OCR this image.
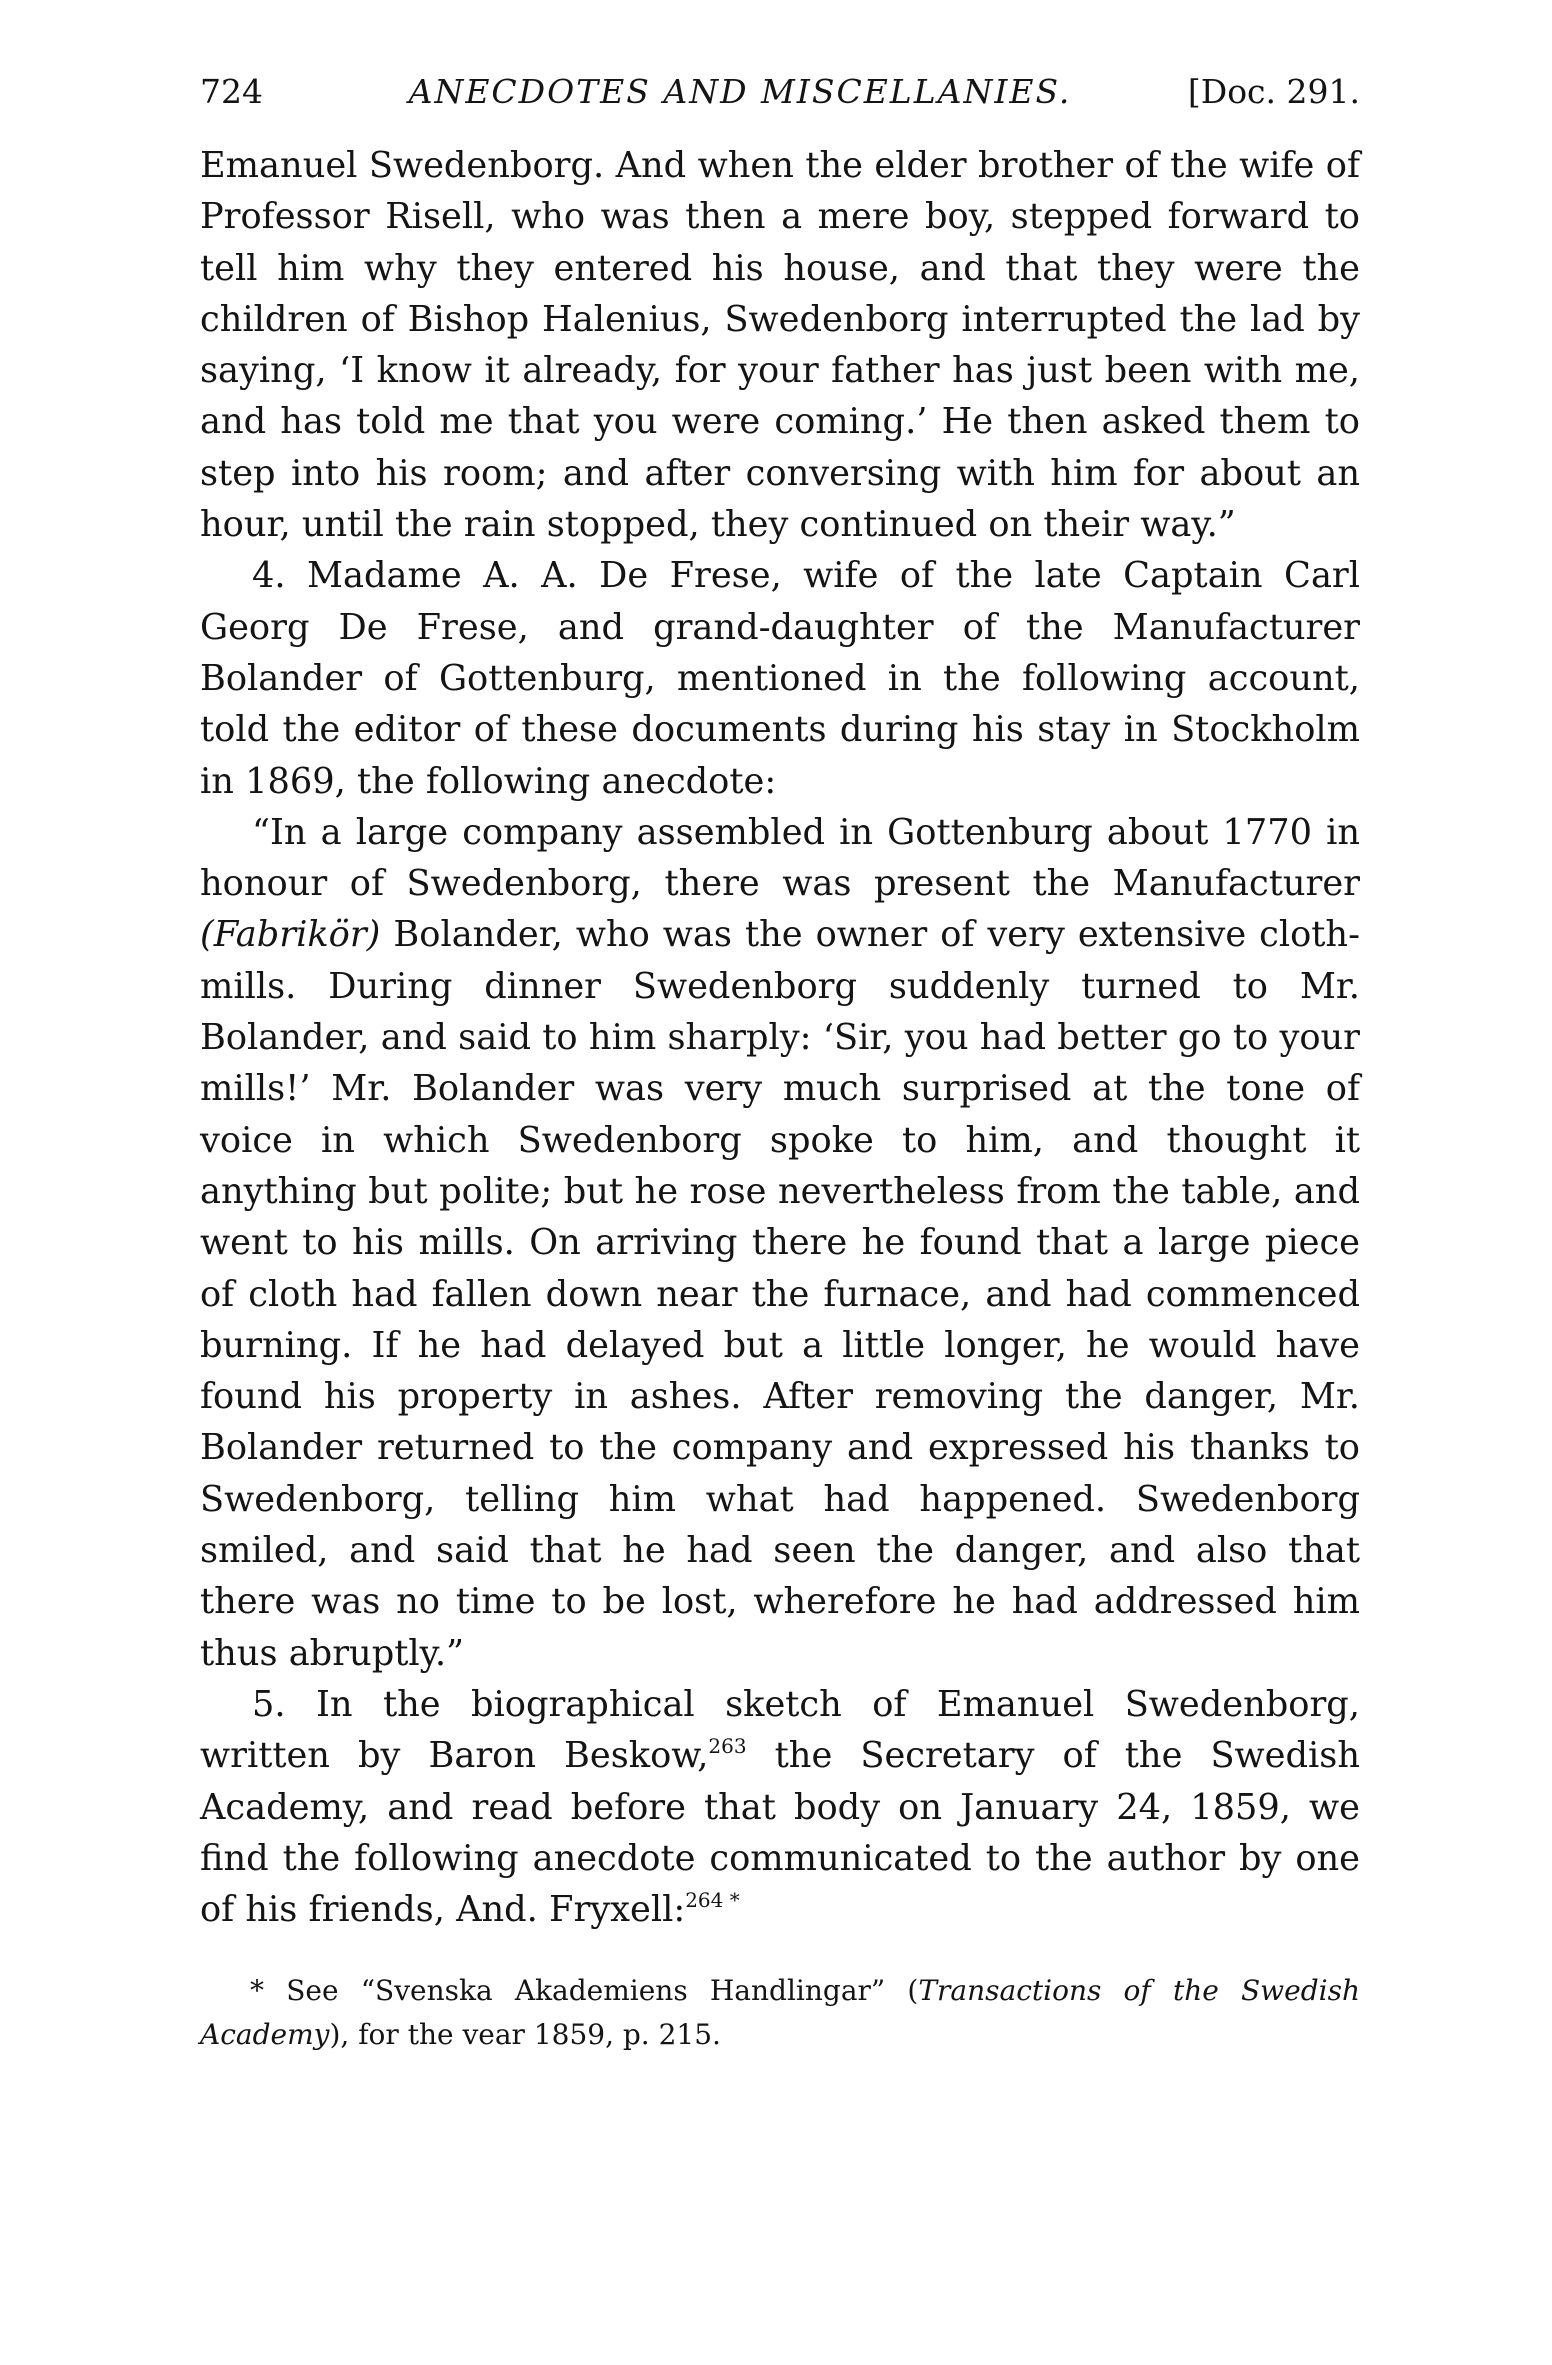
724	ANECDOTES AND MISCELLANIES.	[Doc. 291.

Emanuel Swedenborg. And when the elder brother of the wife of Professor Risell, who was then a mere boy, stepped forward to tell him why they entered his house, and that they were the children of Bishop Halenius, Swedenborg interrupted the lad by saying, ‘I know it already, for your father has just been with me, and has told me that you were coming.’ He then asked them to step into his room; and after conversing with him for about an hour, until the rain stopped, they continued on their way.”

4. Madame A. A. De Frese, wife of the late Captain Carl Georg De Frese, and grand-daughter of the Manufacturer Bolander of Gottenburg, mentioned in the following account, told the editor of these documents during his stay in Stockholm in 1869, the following anecdote:

“In a large company assembled in Gottenburg about 1770 in honour of Swedenborg, there was present the Manufacturer (Fabrikör) Bolander, who was the owner of very extensive cloth-mills. During dinner Swedenborg suddenly turned to Mr. Bolander, and said to him sharply: ‘Sir, you had better go to your mills!’ Mr. Bolander was very much surprised at the tone of voice in which Swedenborg spoke to him, and thought it anything but polite; but he rose nevertheless from the table, and went to his mills. On arriving there he found that a large piece of cloth had fallen down near the furnace, and had commenced burning. If he had delayed but a little longer, he would have found his property in ashes. After removing the danger, Mr. Bolander returned to the company and expressed his thanks to Swedenborg, telling him what had happened. Swedenborg smiled, and said that he had seen the danger, and also that there was no time to be lost, wherefore he had addressed him thus abruptly.”

5. In the biographical sketch of Emanuel Swedenborg, written by Baron Beskow,$^{263}$ the Secretary of the Swedish Academy, and read before that body on January 24, 1859, we find the following anecdote communicated to the author by one of his friends, And. Fryxell:$^{264 *}$

* See “Svenska Akademiens Handlingar” (Transactions of the Swedish Academy), for the vear 1859, p. 215.
